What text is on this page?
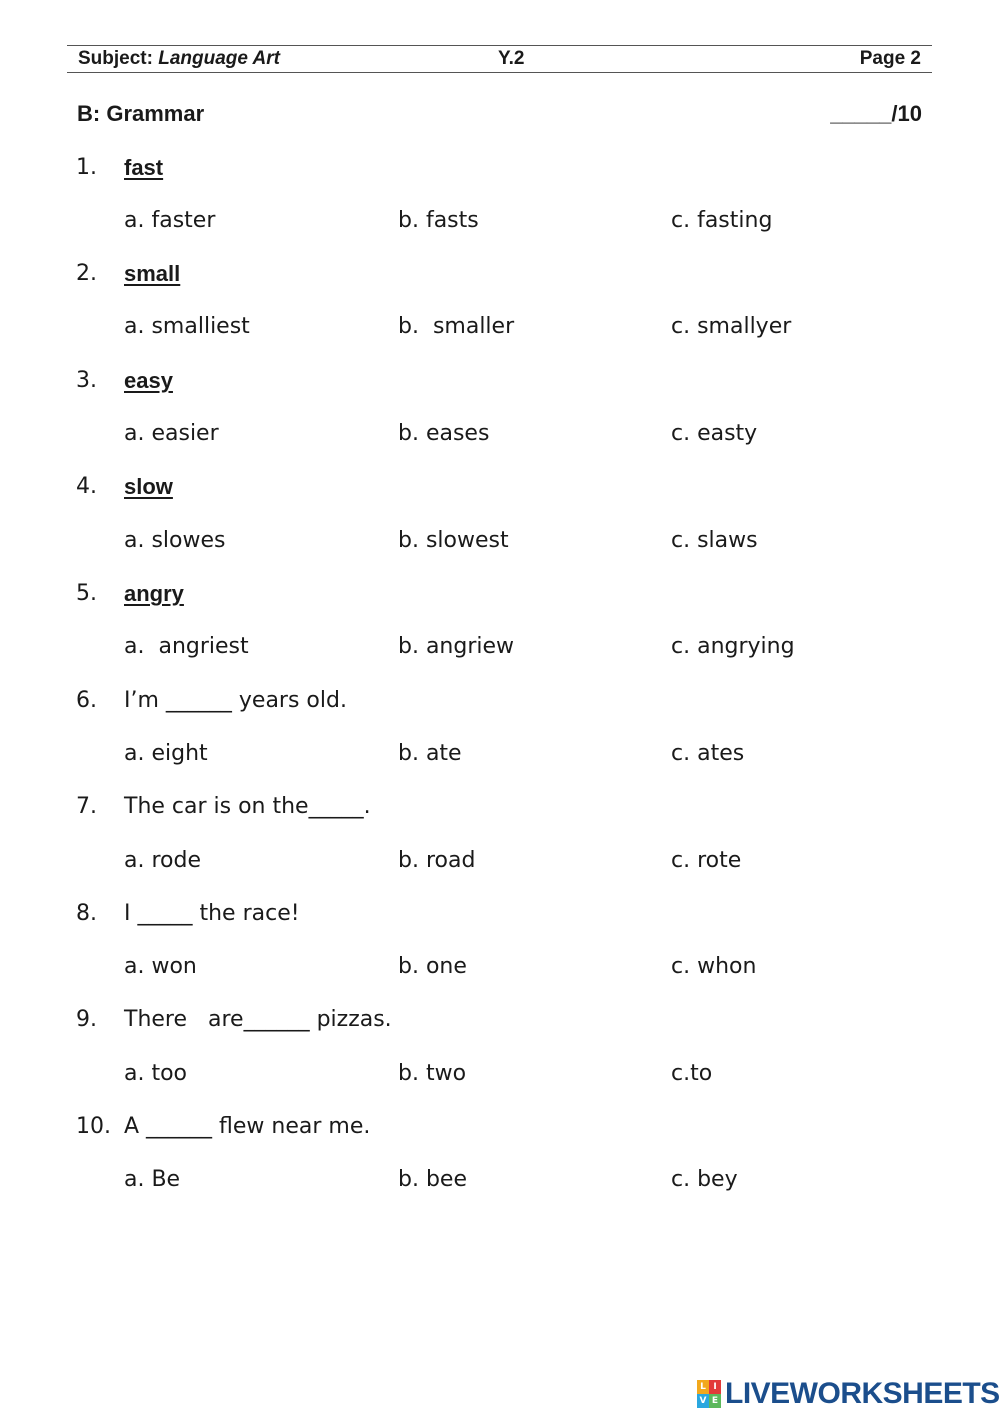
Subject: Language Art	Y.2	Page 2
B: Grammar	_____/10
1. fast
a. faster	b. fasts	c. fasting
2. small
a. smalliest	b.  smaller	c. smallyer
3. easy
a. easier	b. eases	c. easty
4. slow
a. slowes	b. slowest	c. slaws
5. angry
a.  angriest	b. angriew	c. angrying
6. I’m ______ years old.
a. eight	b. ate	c. ates
7. The car is on the_____.
a. rode	b. road	c. rote
8. I _____ the race!
a. won	b. one	c. whon
9. There   are______ pizzas.
a. too	b. two	c.to
10. A ______ flew near me.
a. Be	b. bee	c. bey
L I
V E LIVEWORKSHEETS
